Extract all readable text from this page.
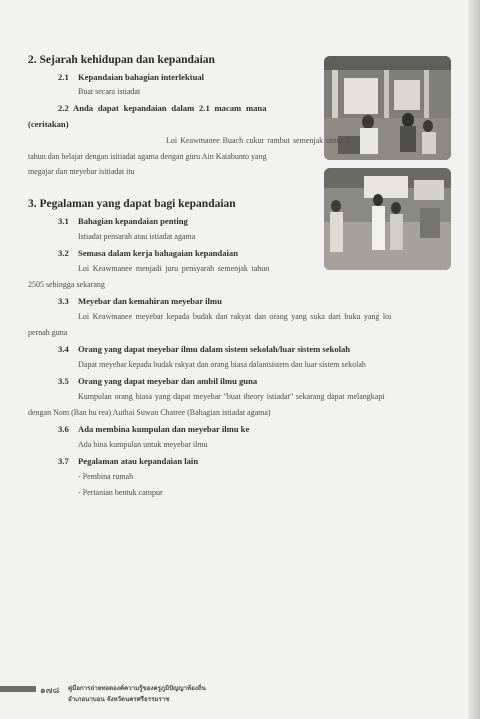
2. Sejarah kehidupan dan kepandaian
2.1 Kepandaian bahagian interlektual
Buat secara istiadat
2.2 Anda dapat kepandaian dalam 2.1 macam mana
(ceritakan)
Loi Keawmanee Buach cukur rambut semenjak omur 5
tahun dan belajar dengan isitiadat agama dengan guru Ain Katabunto yang
megajar dan meyebar isitiadat itu
3. Pegalaman yang dapat bagi kepandaian
3.1 Bahagian kepandaian penting
Istiadat pensarah atau istiadat agama
3.2 Semasa dalam kerja bahagaian kepandaian
Loi Keawmanee menjadi juru pensyarah semenjak tahun
2505 sehingga sekarang
3.3 Meyebar dan kemahiran meyebar ilmu
Loi Keawmanee meyebar kepada budak dan rakyat dan orang yang suka dari buku yang loi
pernah guna
3.4 Orang yang dapat meyebar ilmu dalam sistem sekolah/luar sistem sekolah
Dapat meyebar kepada budak rakyat dan orang biasa dalamsistem dan luar sistem sekolah
3.5 Orang yang dapat meyebar dan ambil ilmu guna
Kumpulan orang biasa yang dapat meyebar "buat theory istiadat" sekarang dapat melangkapi
dengan Nom (Ban hu rea) Authai Suwan Chatree (Bahagian istiadat agama)
3.6 Ada membina kumpulan dan meyebar ilmu ke
Ada bina kumpulan untuk meyebar ilmu
3.7 Pegalaman atau kepandaian lain
- Pembina rumah
- Pertanian bentuk campur
๑๗๘ คู่มือการถ่ายทอดองค์ความรู้ของครูภูมิปัญญาท้องถิ่น
อำเภอนาบอน จังหวัดนครศรีธรรมราช
